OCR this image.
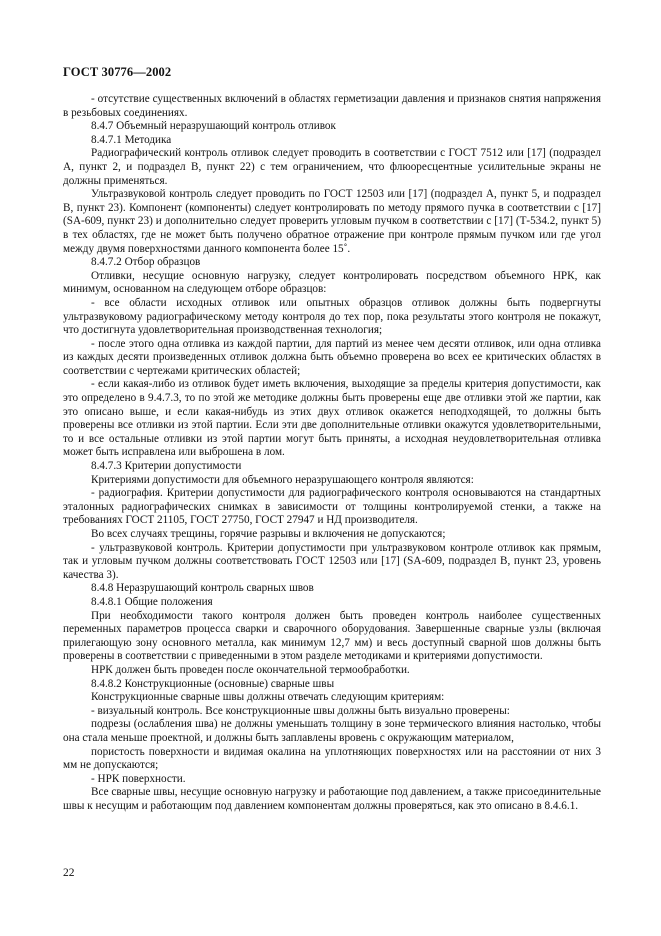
ГОСТ 30776—2002

- отсутствие существенных включений в областях герметизации давления и признаков снятия напряжения в резьбовых соединениях.

8.4.7 Объемный неразрушающий контроль отливок

8.4.7.1 Методика

Радиографический контроль отливок следует проводить в соответствии с ГОСТ 7512 или [17] (подраздел А, пункт 2, и подраздел В, пункт 22) с тем ограничением, что флюоресцентные усилительные экраны не должны применяться.

Ультразвуковой контроль следует проводить по ГОСТ 12503 или [17] (подраздел А, пункт 5, и подраздел В, пункт 23). Компонент (компоненты) следует контролировать по методу прямого пучка в соответствии с [17] (SA-609, пункт 23) и дополнительно следует проверить угловым пучком в соответствии с [17] (Т-534.2, пункт 5) в тех областях, где не может быть получено обратное отражение при контроле прямым пучком или где угол между двумя поверхностями данного компонента более 15˚.

8.4.7.2 Отбор образцов

Отливки, несущие основную нагрузку, следует контролировать посредством объемного НРК, как минимум, основанном на следующем отборе образцов:

- все области исходных отливок или опытных образцов отливок должны быть подвергнуты ультразвуковому радиографическому методу контроля до тех пор, пока результаты этого контроля не покажут, что достигнута удовлетворительная производственная технология;

- после этого одна отливка из каждой партии, для партий из менее чем десяти отливок, или одна отливка из каждых десяти произведенных отливок должна быть объемно проверена во всех ее критических областях в соответствии с чертежами критических областей;

- если какая-либо из отливок будет иметь включения, выходящие за пределы критерия допустимости, как это определено в 9.4.7.3, то по этой же методике должны быть проверены еще две отливки этой же партии, как это описано выше, и если какая-нибудь из этих двух отливок окажется неподходящей, то должны быть проверены все отливки из этой партии. Если эти две дополнительные отливки окажутся удовлетворительными, то и все остальные отливки из этой партии могут быть приняты, а исходная неудовлетворительная отливка может быть исправлена или выброшена в лом.

8.4.7.3 Критерии допустимости

Критериями допустимости для объемного неразрушающего контроля являются:

- радиография. Критерии допустимости для радиографического контроля основываются на стандартных эталонных радиографических снимках в зависимости от толщины контролируемой стенки, а также на требованиях ГОСТ 21105, ГОСТ 27750, ГОСТ 27947 и НД производителя.

Во всех случаях трещины, горячие разрывы и включения не допускаются;

- ультразвуковой контроль. Критерии допустимости при ультразвуковом контроле отливок как прямым, так и угловым пучком должны соответствовать ГОСТ 12503 или [17] (SA-609, подраздел В, пункт 23, уровень качества 3).

8.4.8 Неразрушающий контроль сварных швов

8.4.8.1 Общие положения

При необходимости такого контроля должен быть проведен контроль наиболее существенных переменных параметров процесса сварки и сварочного оборудования. Завершенные сварные узлы (включая прилегающую зону основного металла, как минимум 12,7 мм) и весь доступный сварной шов должны быть проверены в соответствии с приведенными в этом разделе методиками и критериями допустимости.

НРК должен быть проведен после окончательной термообработки.

8.4.8.2 Конструкционные (основные) сварные швы

Конструкционные сварные швы должны отвечать следующим критериям:

- визуальный контроль. Все конструкционные швы должны быть визуально проверены:

подрезы (ослабления шва) не должны уменьшать толщину в зоне термического влияния настолько, чтобы она стала меньше проектной, и должны быть заплавлены вровень с окружающим материалом,

пористость поверхности и видимая окалина на уплотняющих поверхностях или на расстоянии от них 3 мм не допускаются;

- НРК поверхности.

Все сварные швы, несущие основную нагрузку и работающие под давлением, а также присоединительные швы к несущим и работающим под давлением компонентам должны проверяться, как это описано в 8.4.6.1.

22
